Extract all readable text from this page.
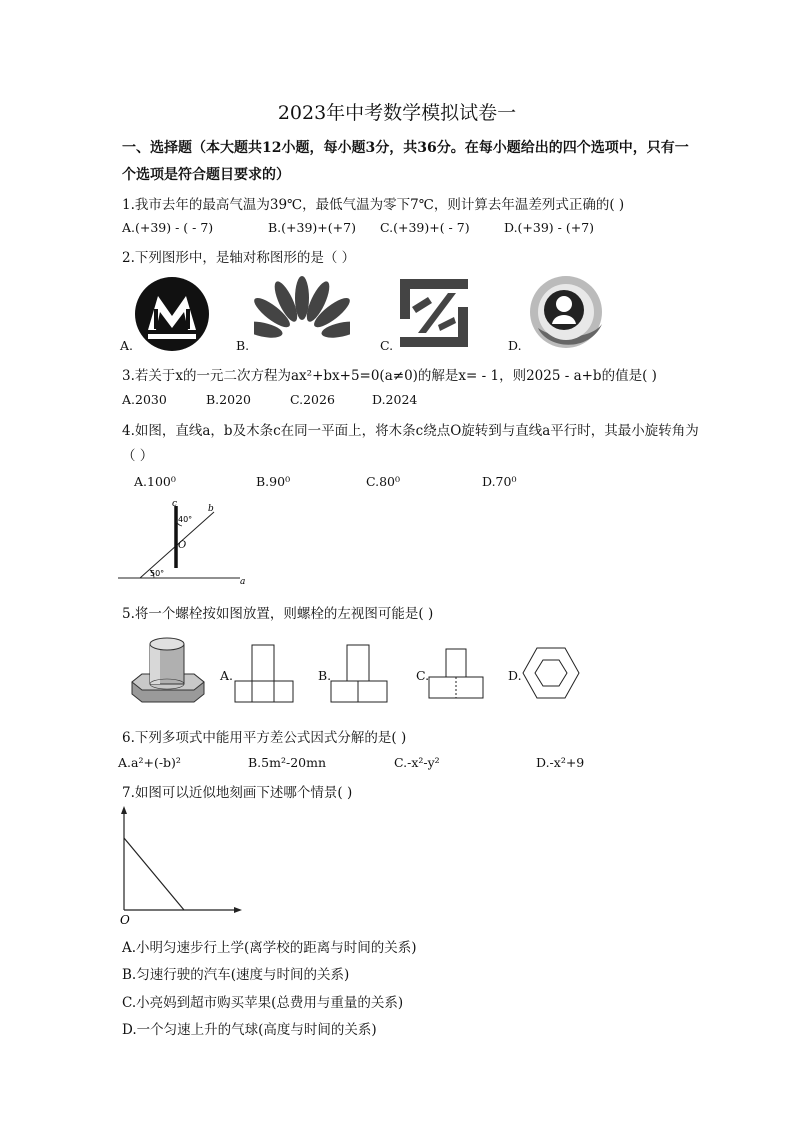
2023年中考数学模拟试卷一
一、选择题（本大题共12小题，每小题3分，共36分。在每小题给出的四个选项中，只有一
个选项是符合题目要求的）
1.我市去年的最高气温为39℃，最低气温为零下7℃，则计算去年温差列式正确的( )
A.(+39) - ( - 7)	B.(+39)+(+7) C.(+39)+( - 7)	D.(+39) - (+7)
2.下列图形中，是轴对称图形的是（ ）
A.	B.	C.	D.
3.若关于x的一元二次方程为ax²+bx+5=0(a≠0)的解是x= - 1，则2025 - a+b的值是( )
A.2030	B.2020	C.2026	D.2024
4.如图，直线a，b及木条c在同一平面上，将木条c绕点O旋转到与直线a平行时，其最小旋转角为
（ ）
A.100⁰	B.90⁰	C.80⁰	D.70⁰
c	b
a
O
40°
50°
5.将一个螺栓按如图放置，则螺栓的左视图可能是( )
A.	B.	C.	D.
6.下列多项式中能用平方差公式因式分解的是( )
A.a²+(-b)²	B.5m²-20mn	C.-x²-y²	D.-x²+9
7.如图可以近似地刻画下述哪个情景( )
O
A.小明匀速步行上学(离学校的距离与时间的关系)
B.匀速行驶的汽车(速度与时间的关系)
C.小亮妈到超市购买苹果(总费用与重量的关系)
D.一个匀速上升的气球(高度与时间的关系)
